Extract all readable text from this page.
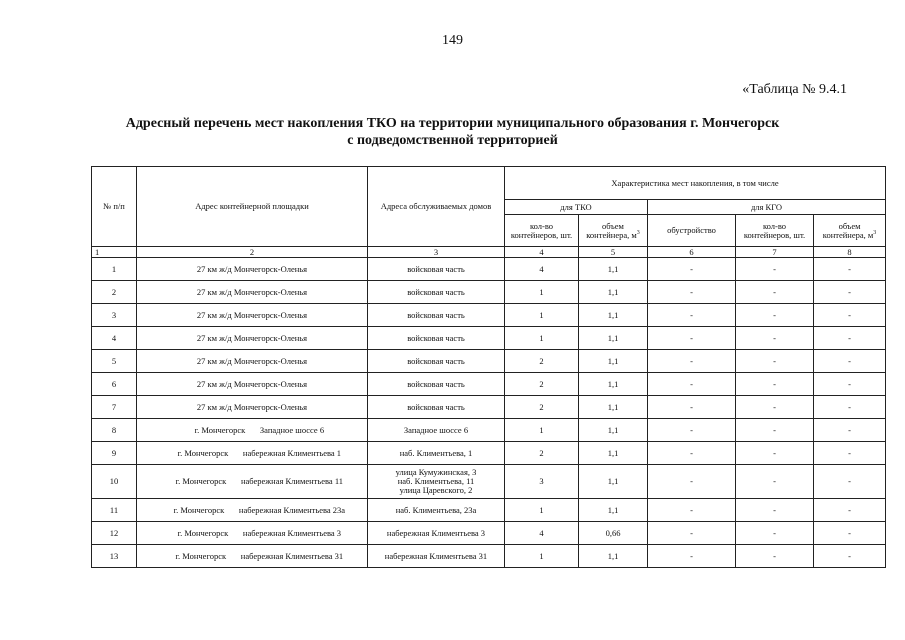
149
«Таблица № 9.4.1
Адресный перечень мест накопления ТКО на территории муниципального образования г. Мончегорск
с подведомственной территорией
№ п/п	Адрес контейнерной площадки	Адреса обслуживаемых домов	Характеристика мест накопления, в том числе				
			для ТКО		для КГО		
			кол-во контейнеров, шт.	объем контейнера, $м^3$	обустройство	кол-во контейнеров, шт.	объем контейнера, $м^3$
1	2	3	4	5	6	7	8
1	27 км ж/д Мончегорск-Оленья	войсковая часть	4	1,1	-	-	-
2	27 км ж/д Мончегорск-Оленья	войсковая часть	1	1,1	-	-	-
3	27 км ж/д Мончегорск-Оленья	войсковая часть	1	1,1	-	-	-
4	27 км ж/д Мончегорск-Оленья	войсковая часть	1	1,1	-	-	-
5	27 км ж/д Мончегорск-Оленья	войсковая часть	2	1,1	-	-	-
6	27 км ж/д Мончегорск-Оленья	войсковая часть	2	1,1	-	-	-
7	27 км ж/д Мончегорск-Оленья	войсковая часть	2	1,1	-	-	-
8	г. Мончегорск Западное шоссе 6	Западное шоссе 6	1	1,1	-	-	-
9	г. Мончегорск набережная Климентьева 1	наб. Климентьева, 1	2	1,1	-	-	-
10	г. Мончегорск набережная Климентьева 11	улица Кумужинская, 3
наб. Климентьева, 11
улица Царевского, 2	3	1,1	-	-	-
11	г. Мончегорск набережная Климентьева 23а	наб. Климентьева, 23а	1	1,1	-	-	-
12	г. Мончегорск набережная Климентьева 3	набережная Климентьева 3	4	0,66	-	-	-
13	г. Мончегорск набережная Климентьева 31	набережная Климентьева 31	1	1,1	-	-	-
